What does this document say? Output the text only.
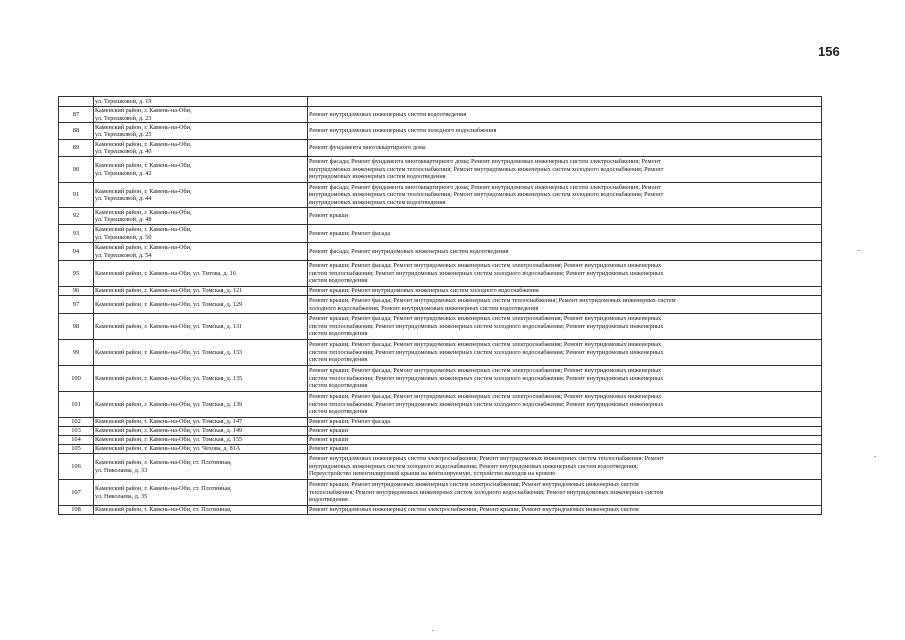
156

	ул. Терешковой, д. 19	

87	Каменский район, г. Камень-на-Оби,
ул. Терешковой, д. 23	Ремонт внутридомовых инженерных систем водоотведения

88	Каменский район, г. Камень-на-Оби,
ул. Терешковой, д. 25	Ремонт внутридомовых инженерных систем холодного водоснабжения

89	Каменский район, г. Камень-на-Оби,
ул. Терешковой, д. 40	Ремонт фундамента многоквартирного дома

90	Каменский район, г. Камень-на-Оби,
ул. Терешковой, д. 42	Ремонт фасада; Ремонт фундамента многоквартирного дома; Ремонт внутридомовых инженерных систем электроснабжения; Ремонт
внутридомовых инженерных систем теплоснабжения; Ремонт внутридомовых инженерных систем холодного водоснабжения; Ремонт
внутридомовых инженерных систем водоотведения

91	Каменский район, г. Камень-на-Оби,
ул. Терешковой, д. 44	Ремонт фасада; Ремонт фундамента многоквартирного дома; Ремонт внутридомовых инженерных систем электроснабжения; Ремонт
внутридомовых инженерных систем теплоснабжения; Ремонт внутридомовых инженерных систем холодного водоснабжения; Ремонт
внутридомовых инженерных систем водоотведения

92	Каменский район, г. Камень-на-Оби,
ул. Терешковой, д. 48	Ремонт крыши

93	Каменский район, г. Камень-на-Оби,
ул. Терешковой, д. 50	Ремонт крыши; Ремонт фасада

94	Каменский район, г. Камень-на-Оби,
ул. Терешковой, д. 54	Ремонт фасада; Ремонт внутридомовых инженерных систем водоотведения

95	Каменский район, г. Камень-на-Оби, ул. Титова, д. 16	Ремонт крыши; Ремонт фасада; Ремонт внутридомовых инженерных систем электроснабжения; Ремонт внутридомовых инженерных
систем теплоснабжения; Ремонт внутридомовых инженерных систем холодного водоснабжения; Ремонт внутридомовых инженерных
систем водоотведения

96	Каменский район, г. Камень-на-Оби, ул. Томская, д. 121	Ремонт крыши; Ремонт внутридомовых инженерных систем холодного водоснабжения

97	Каменский район, г. Камень-на-Оби, ул. Томская, д. 129	Ремонт крыши; Ремонт фасада; Ремонт внутридомовых инженерных систем теплоснабжения; Ремонт внутридомовых инженерных систем
холодного водоснабжения; Ремонт внутридомовых инженерных систем водоотведения

98	Каменский район, г. Камень-на-Оби, ул. Томская, д. 131	Ремонт крыши; Ремонт фасада; Ремонт внутридомовых инженерных систем электроснабжения; Ремонт внутридомовых инженерных
систем теплоснабжения; Ремонт внутридомовых инженерных систем холодного водоснабжения; Ремонт внутридомовых инженерных
систем водоотведения

99	Каменский район, г. Камень-на-Оби, ул. Томская, д. 133	Ремонт крыши; Ремонт фасада; Ремонт внутридомовых инженерных систем электроснабжения; Ремонт внутридомовых инженерных
систем теплоснабжения; Ремонт внутридомовых инженерных систем холодного водоснабжения; Ремонт внутридомовых инженерных
систем водоотведения

100	Каменский район, г. Камень-на-Оби, ул. Томская, д. 135	Ремонт крыши; Ремонт фасада; Ремонт внутридомовых инженерных систем электроснабжения; Ремонт внутридомовых инженерных
систем теплоснабжения; Ремонт внутридомовых инженерных систем холодного водоснабжения; Ремонт внутридомовых инженерных
систем водоотведения

101	Каменский район, г. Камень-на-Оби, ул. Томская, д. 139	Ремонт крыши; Ремонт фасада; Ремонт внутридомовых инженерных систем электроснабжения; Ремонт внутридомовых инженерных
систем теплоснабжения; Ремонт внутридомовых инженерных систем холодного водоснабжения; Ремонт внутридомовых инженерных
систем водоотведения

102	Каменский район, г. Камень-на-Оби, ул. Томская, д. 147	Ремонт крыши; Ремонт фасада

103	Каменский район, г. Камень-на-Оби, ул. Томская, д. 149	Ремонт крыши

104	Каменский район, г. Камень-на-Оби, ул. Томская, д. 155	Ремонт крыши

105	Каменский район, г. Камень-на-Оби, ул. Чехова, д. 81А	Ремонт крыши

106	Каменский район, г. Камень-на-Оби, ст. Плотинная,
ул. Николаева, д. 33	Ремонт внутридомовых инженерных систем электроснабжения; Ремонт внутридомовых инженерных систем теплоснабжения; Ремонт
внутридомовых инженерных систем холодного водоснабжения; Ремонт внутридомовых инженерных систем водоотведения;
Переустройство невентилируемой крыши на вентилируемую, устройство выходов на кровлю

107	Каменский район, г. Камень-на-Оби, ст. Плотинная,
ул. Николаева, д. 35	Ремонт крыши; Ремонт внутридомовых инженерных систем электроснабжения; Ремонт внутридомовых инженерных систем
теплоснабжения; Ремонт внутридомовых инженерных систем холодного водоснабжения; Ремонт внутридомовых инженерных систем
водоотведения

108	Каменский район, г. Камень-на-Оби, ст. Плотинная,	Ремонт внутридомовых инженерных систем электроснабжения; Ремонт крыши; Ремонт внутридомовых инженерных систем
